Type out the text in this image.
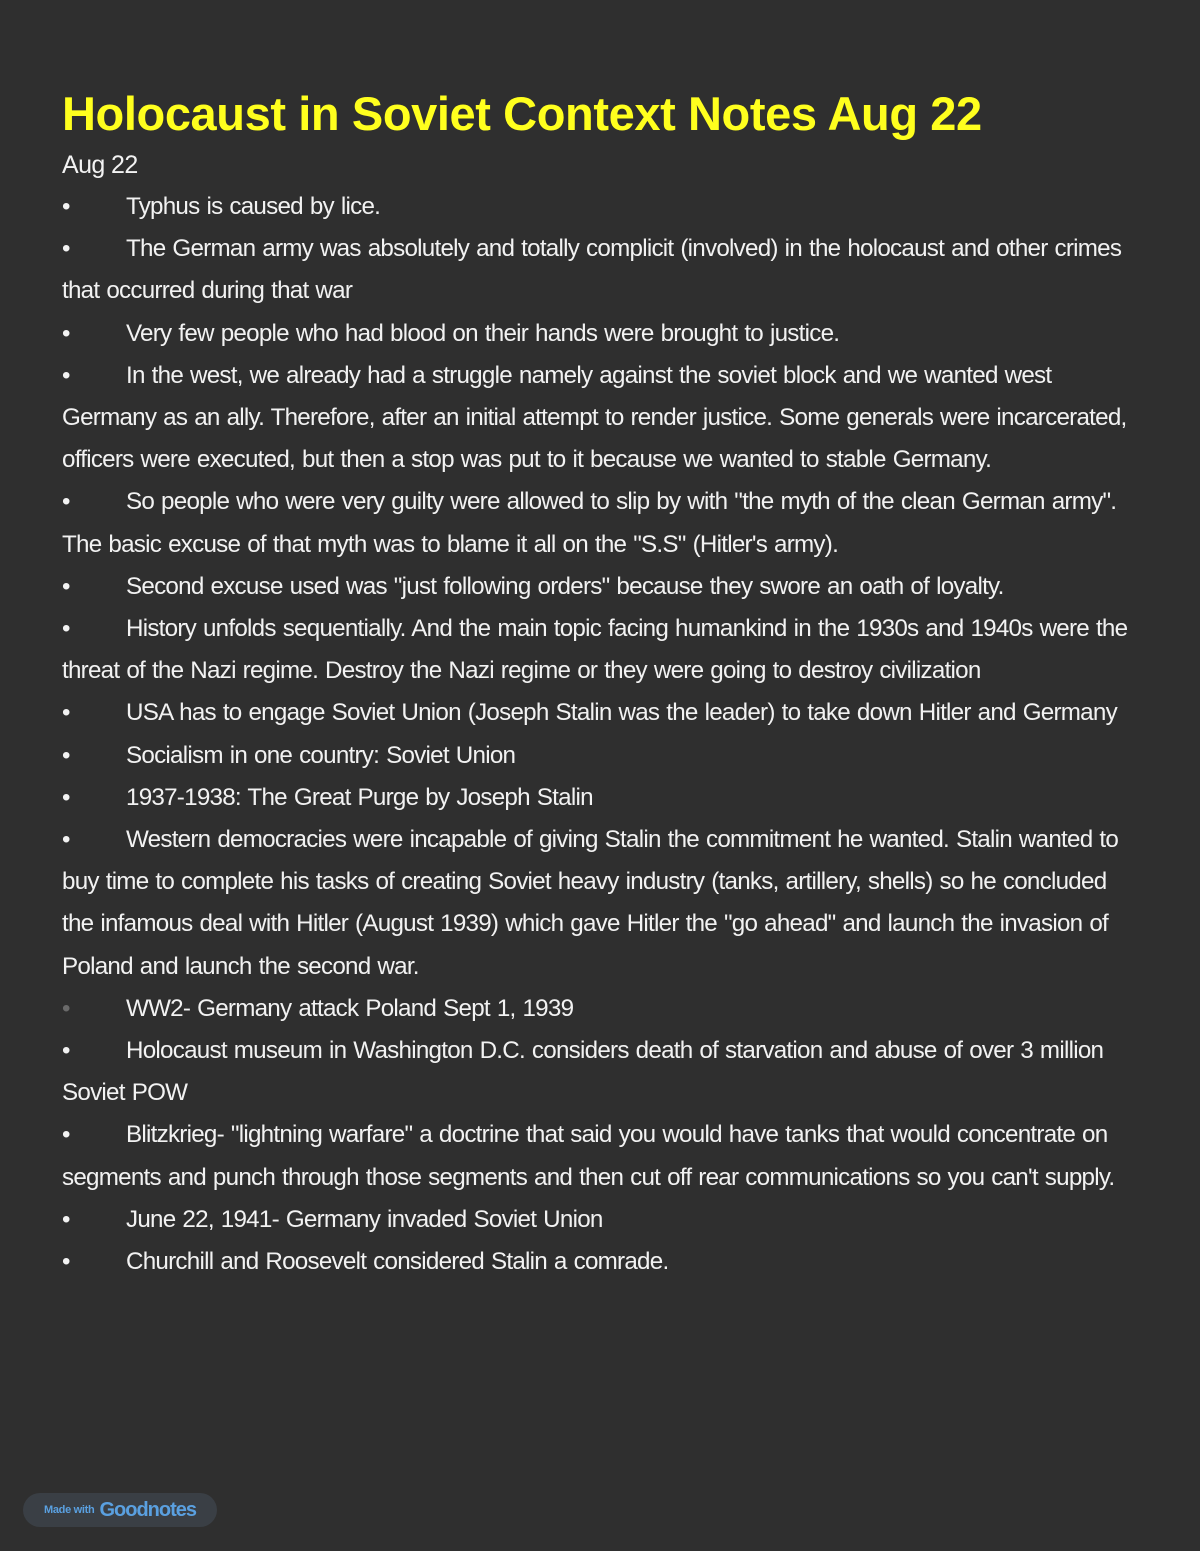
Holocaust in Soviet Context Notes Aug 22
Aug 22
• Typhus is caused by lice.
• The German army was absolutely and totally complicit (involved) in the holocaust and other crimes that occurred during that war
• Very few people who had blood on their hands were brought to justice.
• In the west, we already had a struggle namely against the soviet block and we wanted west Germany as an ally. Therefore, after an initial attempt to render justice. Some generals were incarcerated, officers were executed, but then a stop was put to it because we wanted to stable Germany.
• So people who were very guilty were allowed to slip by with "the myth of the clean German army". The basic excuse of that myth was to blame it all on the "S.S" (Hitler's army).
• Second excuse used was "just following orders" because they swore an oath of loyalty.
• History unfolds sequentially. And the main topic facing humankind in the 1930s and 1940s were the threat of the Nazi regime. Destroy the Nazi regime or they were going to destroy civilization
• USA has to engage Soviet Union (Joseph Stalin was the leader) to take down Hitler and Germany
• Socialism in one country: Soviet Union
• 1937-1938: The Great Purge by Joseph Stalin
• Western democracies were incapable of giving Stalin the commitment he wanted. Stalin wanted to buy time to complete his tasks of creating Soviet heavy industry (tanks, artillery, shells) so he concluded the infamous deal with Hitler (August 1939) which gave Hitler the "go ahead" and launch the invasion of Poland and launch the second war.
• WW2- Germany attack Poland Sept 1, 1939
• Holocaust museum in Washington D.C. considers death of starvation and abuse of over 3 million Soviet POW
• Blitzkrieg- "lightning warfare" a doctrine that said you would have tanks that would concentrate on segments and punch through those segments and then cut off rear communications so you can't supply.
• June 22, 1941- Germany invaded Soviet Union
• Churchill and Roosevelt considered Stalin a comrade.
Made with Goodnotes
